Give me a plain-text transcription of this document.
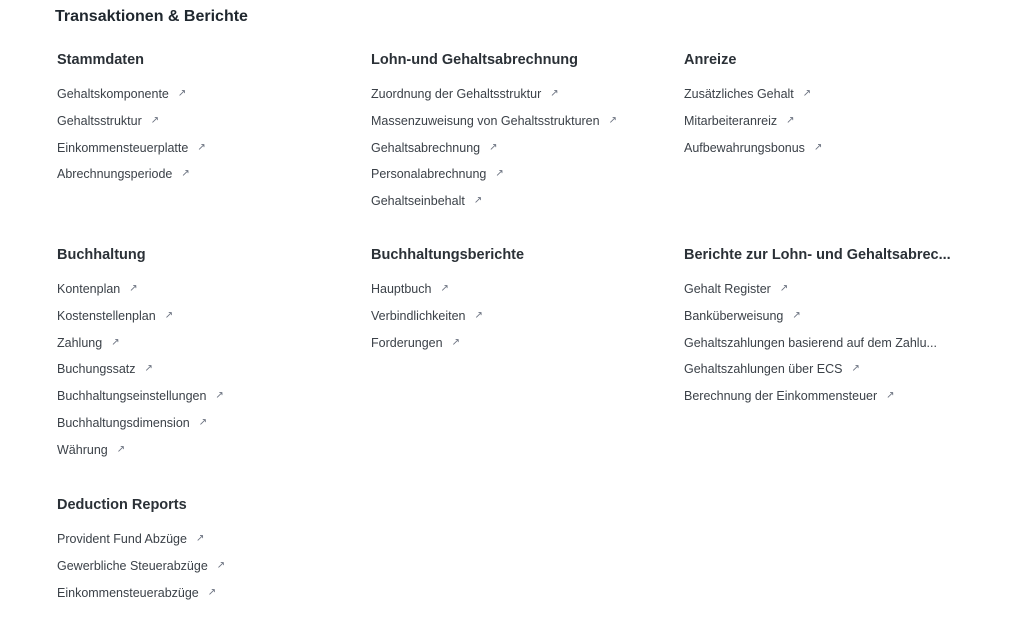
Transaktionen & Berichte
Stammdaten
Gehaltskomponente ↗
Gehaltsstruktur ↗
Einkommensteuerplatte ↗
Abrechnungsperiode ↗
Lohn-und Gehaltsabrechnung
Zuordnung der Gehaltsstruktur ↗
Massenzuweisung von Gehaltsstrukturen ↗
Gehaltsabrechnung ↗
Personalabrechnung ↗
Gehaltseinbehalt ↗
Anreize
Zusätzliches Gehalt ↗
Mitarbeiteranreiz ↗
Aufbewahrungsbonus ↗
Buchhaltung
Kontenplan ↗
Kostenstellenplan ↗
Zahlung ↗
Buchungssatz ↗
Buchhaltungseinstellungen ↗
Buchhaltungsdimension ↗
Währung ↗
Buchhaltungsberichte
Hauptbuch ↗
Verbindlichkeiten ↗
Forderungen ↗
Berichte zur Lohn- und Gehaltsabrec...
Gehalt Register ↗
Banküberweisung ↗
Gehaltszahlungen basierend auf dem Zahlu...
Gehaltszahlungen über ECS ↗
Berechnung der Einkommensteuer ↗
Deduction Reports
Provident Fund Abzüge ↗
Gewerbliche Steuerabzüge ↗
Einkommensteuerabzüge ↗
